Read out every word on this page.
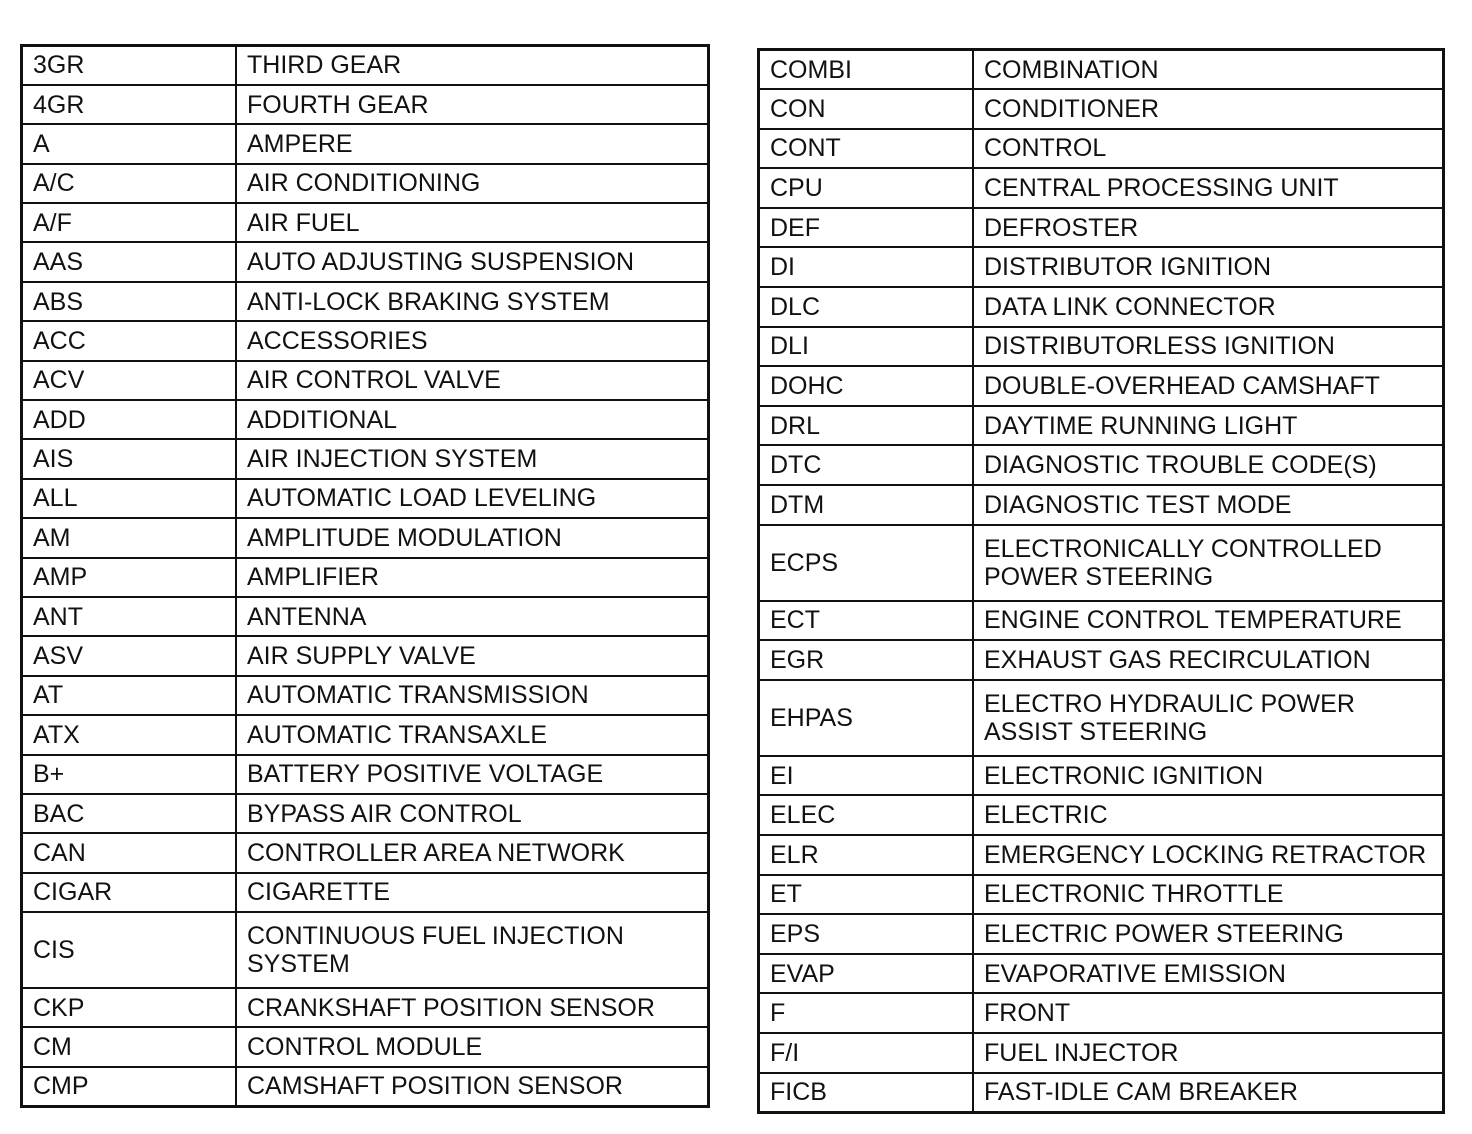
3GR	THIRD GEAR
4GR	FOURTH GEAR
A	AMPERE
A/C	AIR CONDITIONING
A/F	AIR FUEL
AAS	AUTO ADJUSTING SUSPENSION
ABS	ANTI-LOCK BRAKING SYSTEM
ACC	ACCESSORIES
ACV	AIR CONTROL VALVE
ADD	ADDITIONAL
AIS	AIR INJECTION SYSTEM
ALL	AUTOMATIC LOAD LEVELING
AM	AMPLITUDE MODULATION
AMP	AMPLIFIER
ANT	ANTENNA
ASV	AIR SUPPLY VALVE
AT	AUTOMATIC TRANSMISSION
ATX	AUTOMATIC TRANSAXLE
B+	BATTERY POSITIVE VOLTAGE
BAC	BYPASS AIR CONTROL
CAN	CONTROLLER AREA NETWORK
CIGAR	CIGARETTE
CIS	CONTINUOUS FUEL INJECTION SYSTEM
CKP	CRANKSHAFT POSITION SENSOR
CM	CONTROL MODULE
CMP	CAMSHAFT POSITION SENSOR
COMBI	COMBINATION
CON	CONDITIONER
CONT	CONTROL
CPU	CENTRAL PROCESSING UNIT
DEF	DEFROSTER
DI	DISTRIBUTOR IGNITION
DLC	DATA LINK CONNECTOR
DLI	DISTRIBUTORLESS IGNITION
DOHC	DOUBLE-OVERHEAD CAMSHAFT
DRL	DAYTIME RUNNING LIGHT
DTC	DIAGNOSTIC TROUBLE CODE(S)
DTM	DIAGNOSTIC TEST MODE
ECPS	ELECTRONICALLY CONTROLLED POWER STEERING
ECT	ENGINE CONTROL TEMPERATURE
EGR	EXHAUST GAS RECIRCULATION
EHPAS	ELECTRO HYDRAULIC POWER ASSIST STEERING
EI	ELECTRONIC IGNITION
ELEC	ELECTRIC
ELR	EMERGENCY LOCKING RETRACTOR
ET	ELECTRONIC THROTTLE
EPS	ELECTRIC POWER STEERING
EVAP	EVAPORATIVE EMISSION
F	FRONT
F/I	FUEL INJECTOR
FICB	FAST-IDLE CAM BREAKER
